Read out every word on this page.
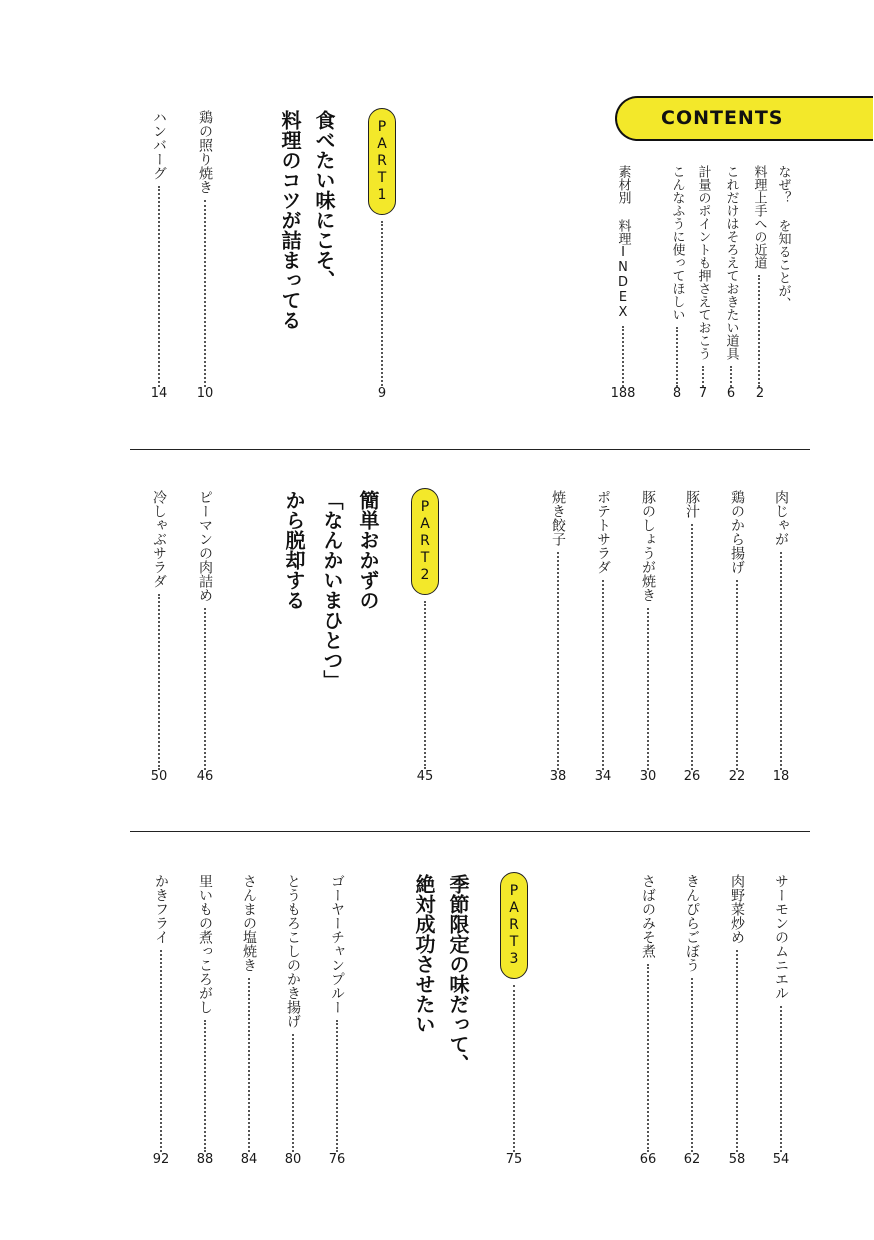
CONTENTS
なぜ？ を知ることが、
料理上手への近道
2
これだけはそろえておきたい道具
6
計量のポイントも押さえておこう
7
こんなふうに使ってほしい
8
素材別 料理INDEX
188
PART1
9
食べたい味にこそ、
料理のコツが詰まってる
鶏の照り焼き
10
ハンバーグ
14
肉じゃが
18
鶏のから揚げ
22
豚汁
26
豚のしょうが焼き
30
ポテトサラダ
34
焼き餃子
38
PART2
45
簡単おかずの
「なんかいまひとつ」
から脱却する
ピーマンの肉詰め
46
冷しゃぶサラダ
50
サーモンのムニエル
54
肉野菜炒め
58
きんぴらごぼう
62
さばのみそ煮
66
PART3
75
季節限定の味だって、
絶対成功させたい
ゴーヤーチャンプルー
76
とうもろこしのかき揚げ
80
さんまの塩焼き
84
里いもの煮っころがし
88
かきフライ
92
